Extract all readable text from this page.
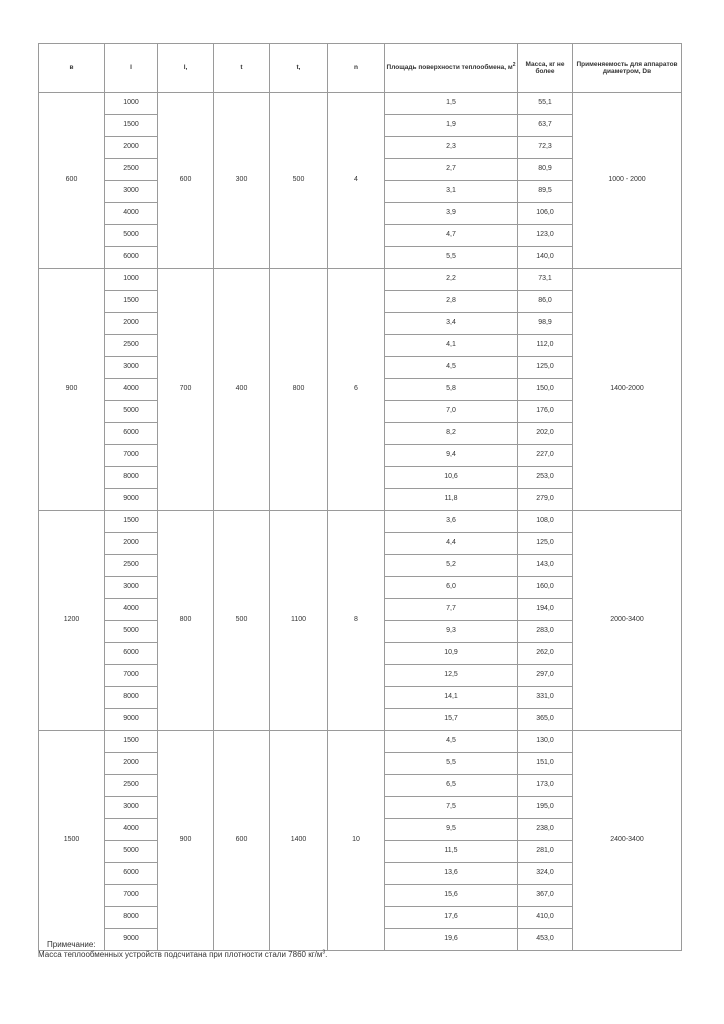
в	l	l,	t	t,	n	Площадь поверхности теплообмена, $м^2$	Масса, кг не более	Применяемость для аппаратов диаметром, Dв
600	1000	600	300	500	4	1,5	55,1	1000 - 2000
	1500					1,9	63,7	
	2000					2,3	72,3	
	2500					2,7	80,9	
	3000					3,1	89,5	
	4000					3,9	106,0	
	5000					4,7	123,0	
	6000					5,5	140,0	
900	1000	700	400	800	6	2,2	73,1	1400-2000
	1500					2,8	86,0	
	2000					3,4	98,9	
	2500					4,1	112,0	
	3000					4,5	125,0	
	4000					5,8	150,0	
	5000					7,0	176,0	
	6000					8,2	202,0	
	7000					9,4	227,0	
	8000					10,6	253,0	
	9000					11,8	279,0	
1200	1500	800	500	1100	8	3,6	108,0	2000-3400
	2000					4,4	125,0	
	2500					5,2	143,0	
	3000					6,0	160,0	
	4000					7,7	194,0	
	5000					9,3	283,0	
	6000					10,9	262,0	
	7000					12,5	297,0	
	8000					14,1	331,0	
	9000					15,7	365,0	
1500	1500	900	600	1400	10	4,5	130,0	2400-3400
	2000					5,5	151,0	
	2500					6,5	173,0	
	3000					7,5	195,0	
	4000					9,5	238,0	
	5000					11,5	281,0	
	6000					13,6	324,0	
	7000					15,6	367,0	
	8000					17,6	410,0	
	9000					19,6	453,0	
Примечание:
Масса теплообменных устройств подсчитана при плотности стали 7860 $кг/м^3$.
